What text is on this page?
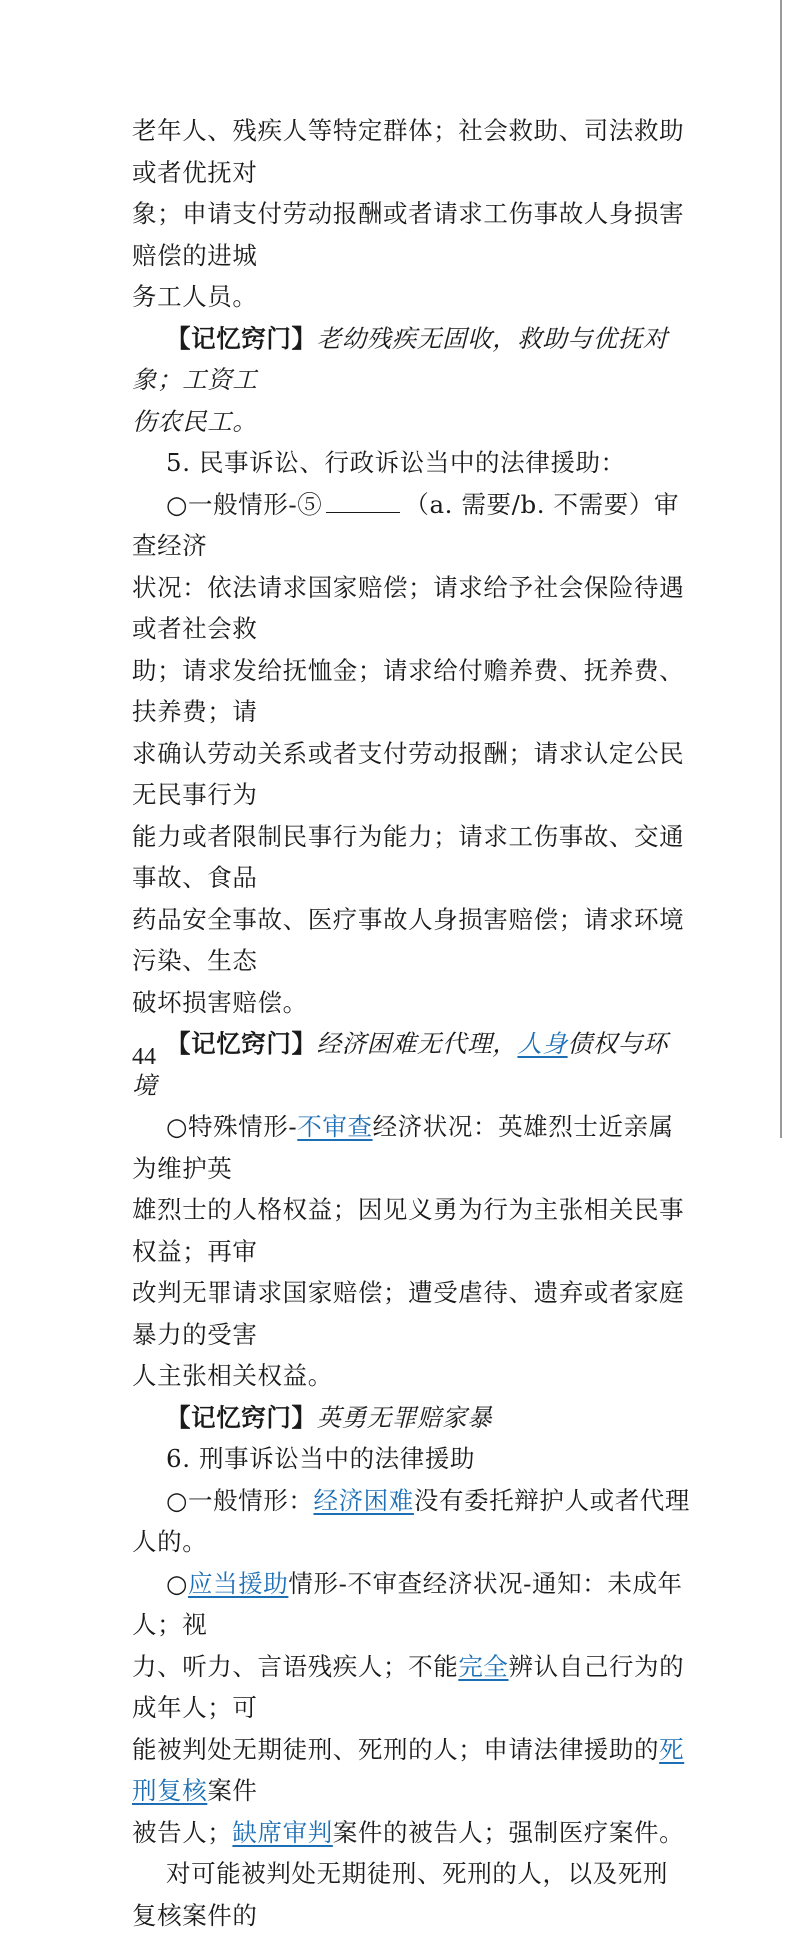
老年人、残疾人等特定群体；社会救助、司法救助或者优抚对

象；申请支付劳动报酬或者请求工伤事故人身损害赔偿的进城

务工人员。

【记忆窍门】老幼残疾无固收，救助与优抚对象；工资工

伤农民工。

5. 民事诉讼、行政诉讼当中的法律援助：

○一般情形-⑤	（a. 需要/b. 不需要）审查经济

状况：依法请求国家赔偿；请求给予社会保险待遇或者社会救

助；请求发给抚恤金；请求给付赡养费、抚养费、扶养费；请

求确认劳动关系或者支付劳动报酬；请求认定公民无民事行为

能力或者限制民事行为能力；请求工伤事故、交通事故、食品

药品安全事故、医疗事故人身损害赔偿；请求环境污染、生态

破坏损害赔偿。

【记忆窍门】经济困难无代理，人身债权与环境

○特殊情形-不审查经济状况：英雄烈士近亲属为维护英

雄烈士的人格权益；因见义勇为行为主张相关民事权益；再审

改判无罪请求国家赔偿；遭受虐待、遗弃或者家庭暴力的受害

人主张相关权益。

【记忆窍门】英勇无罪赔家暴

6. 刑事诉讼当中的法律援助

○一般情形：经济困难没有委托辩护人或者代理人的。

○应当援助情形-不审查经济状况-通知：未成年人；视

力、听力、言语残疾人；不能完全辨认自己行为的成年人；可

能被判处无期徒刑、死刑的人；申请法律援助的死刑复核案件

被告人；缺席审判案件的被告人；强制医疗案件。

对可能被判处无期徒刑、死刑的人，以及死刑复核案件的

44
